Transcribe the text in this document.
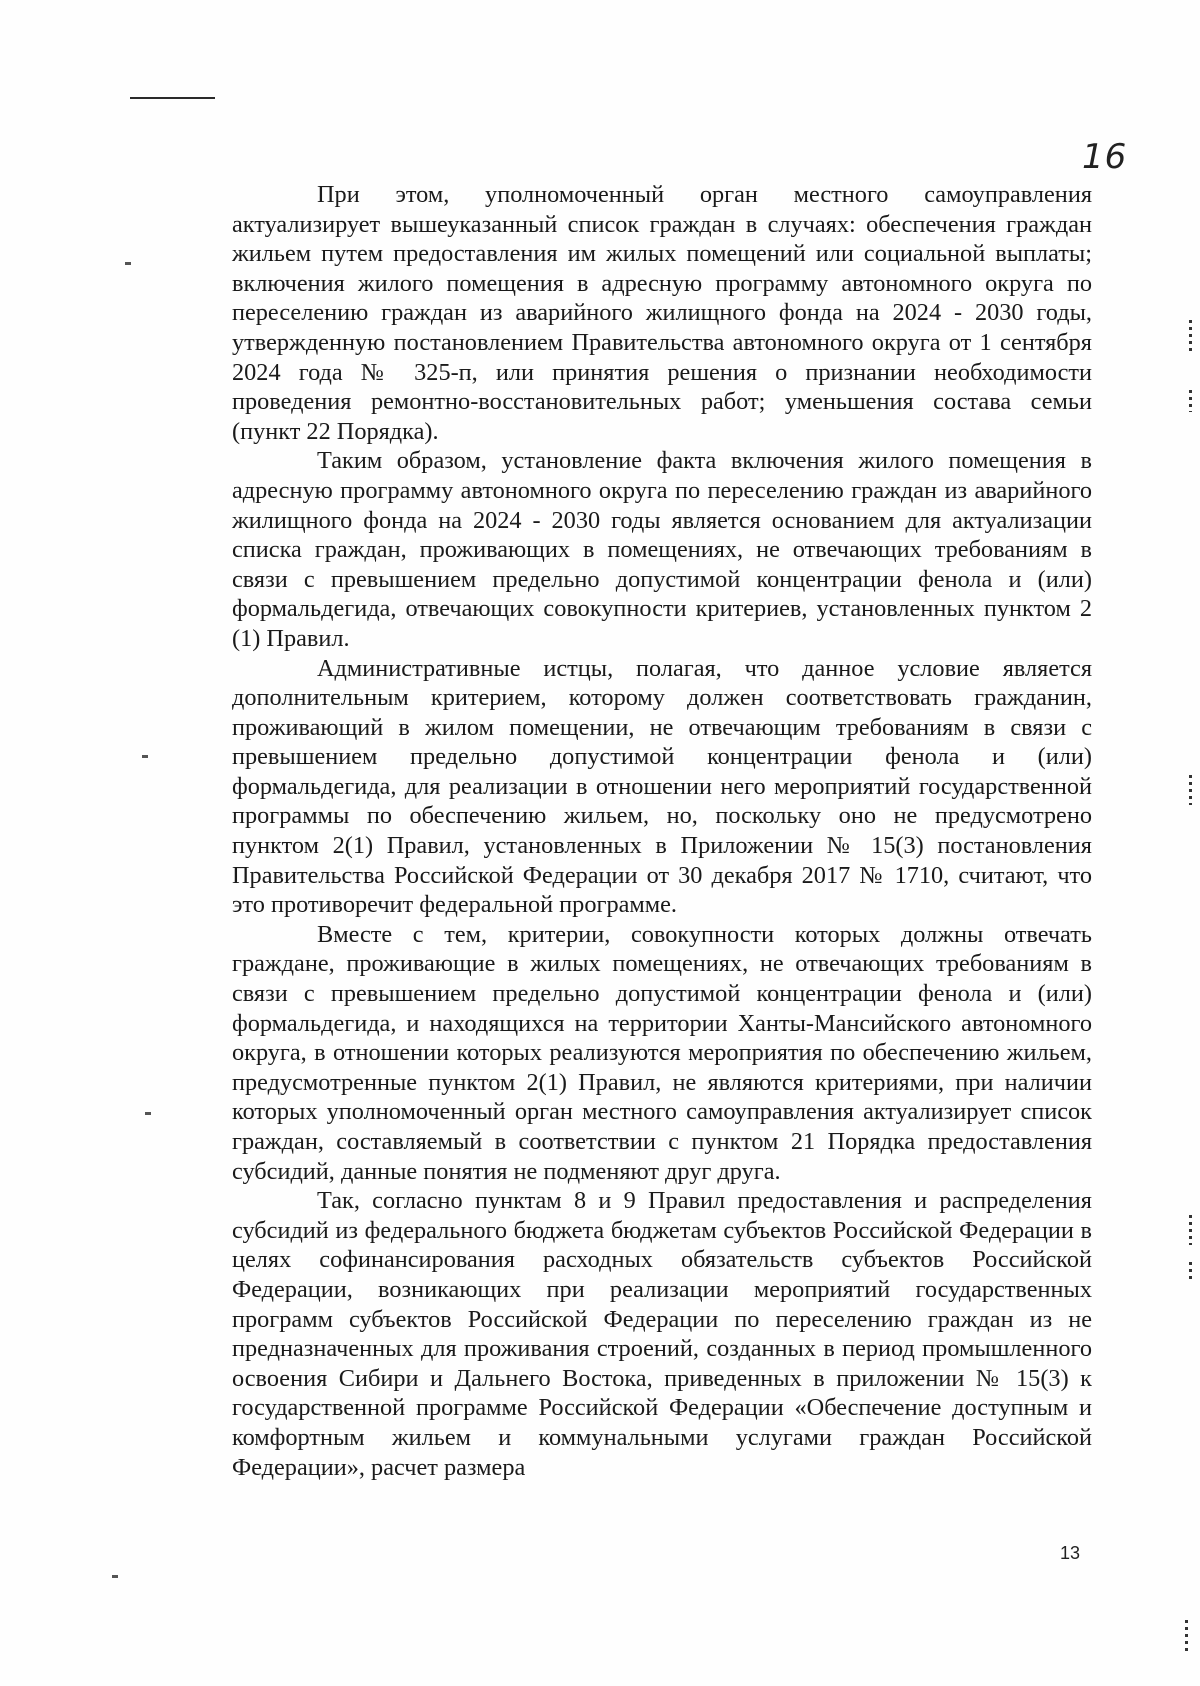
16

При этом, уполномоченный орган местного самоуправления актуализирует вышеуказанный список граждан в случаях: обеспечения граждан жильем путем предоставления им жилых помещений или социальной выплаты; включения жилого помещения в адресную программу автономного округа по переселению граждан из аварийного жилищного фонда на 2024 - 2030 годы, утвержденную постановлением Правительства автономного округа от 1 сентября 2024 года № 325-п, или принятия решения о признании необходимости проведения ремонтно-восстановительных работ; уменьшения состава семьи (пункт 22 Порядка).

Таким образом, установление факта включения жилого помещения в адресную программу автономного округа по переселению граждан из аварийного жилищного фонда на 2024 - 2030 годы является основанием для актуализации списка граждан, проживающих в помещениях, не отвечающих требованиям в связи с превышением предельно допустимой концентрации фенола и (или) формальдегида, отвечающих совокупности критериев, установленных пунктом 2 (1) Правил.

Административные истцы, полагая, что данное условие является дополнительным критерием, которому должен соответствовать гражданин, проживающий в жилом помещении, не отвечающим требованиям в связи с превышением предельно допустимой концентрации фенола и (или) формальдегида, для реализации в отношении него мероприятий государственной программы по обеспечению жильем, но, поскольку оно не предусмотрено пунктом 2(1) Правил, установленных в Приложении № 15(3) постановления Правительства Российской Федерации от 30 декабря 2017 № 1710, считают, что это противоречит федеральной программе.

Вместе с тем, критерии, совокупности которых должны отвечать граждане, проживающие в жилых помещениях, не отвечающих требованиям в связи с превышением предельно допустимой концентрации фенола и (или) формальдегида, и находящихся на территории Ханты-Мансийского автономного округа, в отношении которых реализуются мероприятия по обеспечению жильем, предусмотренные пунктом 2(1) Правил, не являются критериями, при наличии которых уполномоченный орган местного самоуправления актуализирует список граждан, составляемый в соответствии с пунктом 21 Порядка предоставления субсидий, данные понятия не подменяют друг друга.

Так, согласно пунктам 8 и 9 Правил предоставления и распределения субсидий из федерального бюджета бюджетам субъектов Российской Федерации в целях софинансирования расходных обязательств субъектов Российской Федерации, возникающих при реализации мероприятий государственных программ субъектов Российской Федерации по переселению граждан из не предназначенных для проживания строений, созданных в период промышленного освоения Сибири и Дальнего Востока, приведенных в приложении № 15(3) к государственной программе Российской Федерации «Обеспечение доступным и комфортным жильем и коммунальными услугами граждан Российской Федерации», расчет размера

13
